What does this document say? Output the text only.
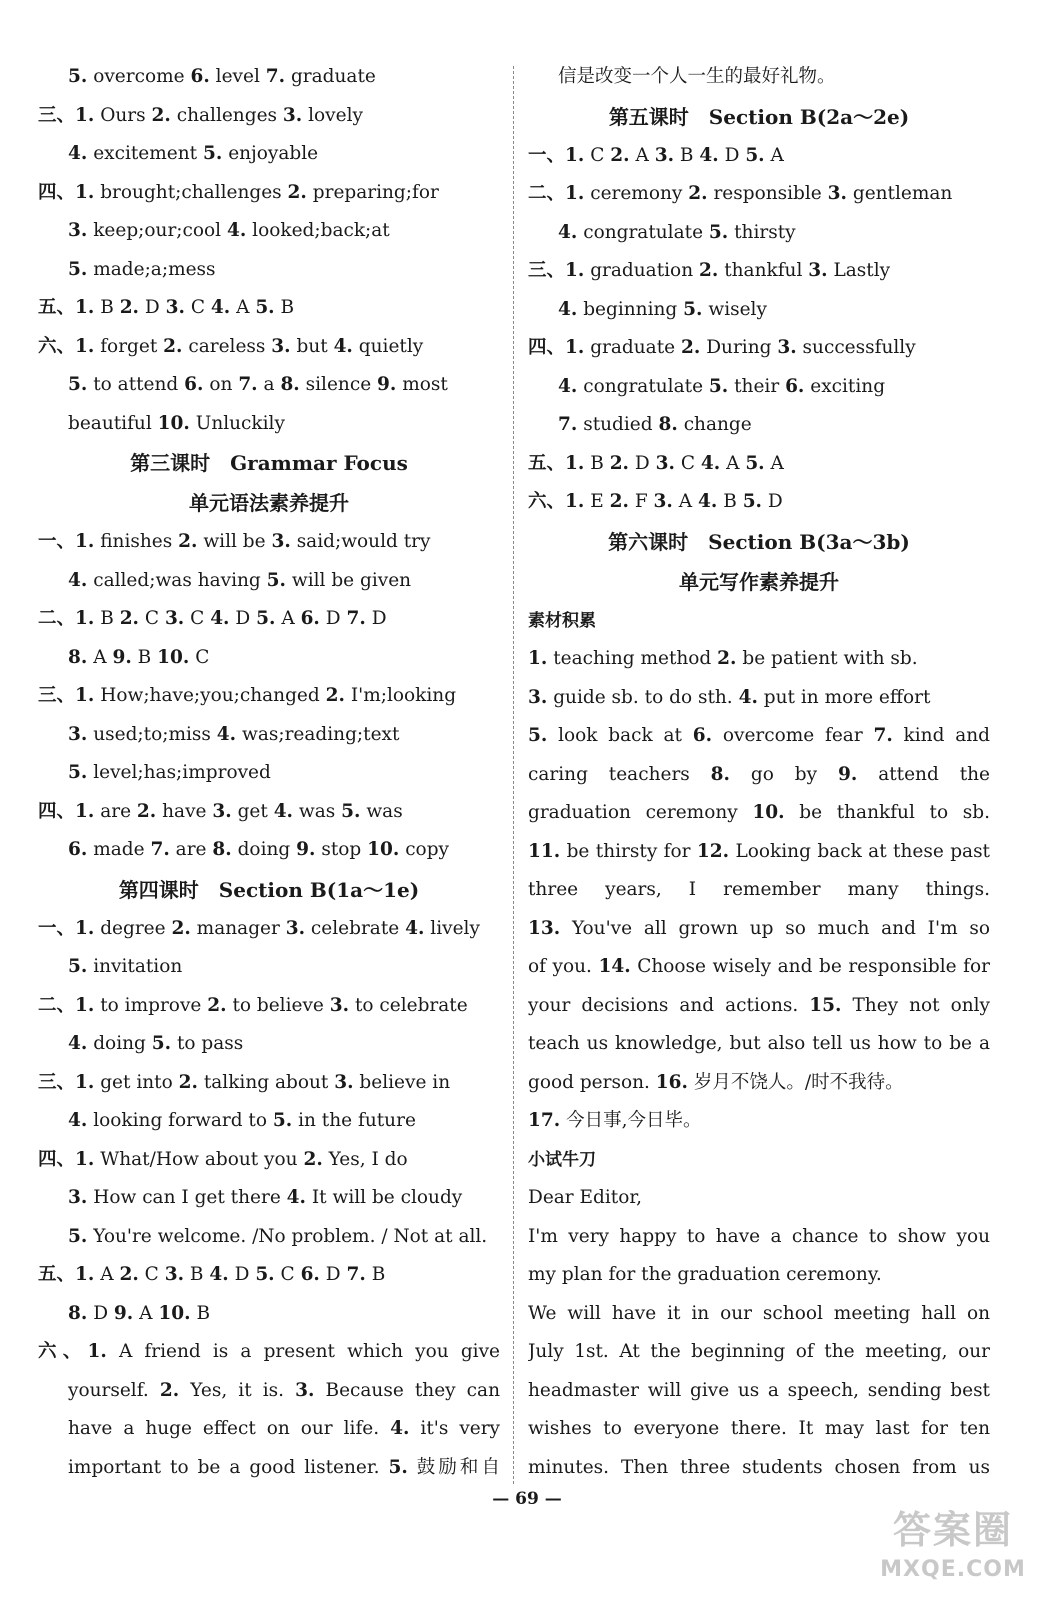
5. overcome 6. level 7. graduate
三、1. Ours 2. challenges 3. lovely
4. excitement 5. enjoyable
四、1. brought;challenges 2. preparing;for
3. keep;our;cool 4. looked;back;at
5. made;a;mess
五、1. B 2. D 3. C 4. A 5. B
六、1. forget 2. careless 3. but 4. quietly
5. to attend 6. on 7. a 8. silence 9. most
beautiful 10. Unluckily
第三课时　Grammar Focus
单元语法素养提升
一、1. finishes 2. will be 3. said;would try
4. called;was having 5. will be given
二、1. B 2. C 3. C 4. D 5. A 6. D 7. D
8. A 9. B 10. C
三、1. How;have;you;changed 2. I'm;looking
3. used;to;miss 4. was;reading;text
5. level;has;improved
四、1. are 2. have 3. get 4. was 5. was
6. made 7. are 8. doing 9. stop 10. copy
第四课时　Section B(1a～1e)
一、1. degree 2. manager 3. celebrate 4. lively
5. invitation
二、1. to improve 2. to believe 3. to celebrate
4. doing 5. to pass
三、1. get into 2. talking about 3. believe in
4. looking forward to 5. in the future
四、1. What/How about you 2. Yes, I do
3. How can I get there 4. It will be cloudy
5. You're welcome. /No problem. / Not at all.
五、1. A 2. C 3. B 4. D 5. C 6. D 7. B
8. D 9. A 10. B
六、1. A friend is a present which you give
yourself. 2. Yes, it is. 3. Because they can
have a huge effect on our life. 4. it's very
important to be a good listener. 5. 鼓励和自
信是改变一个人一生的最好礼物。
第五课时　Section B(2a～2e)
一、1. C 2. A 3. B 4. D 5. A
二、1. ceremony 2. responsible 3. gentleman
4. congratulate 5. thirsty
三、1. graduation 2. thankful 3. Lastly
4. beginning 5. wisely
四、1. graduate 2. During 3. successfully
4. congratulate 5. their 6. exciting
7. studied 8. change
五、1. B 2. D 3. C 4. A 5. A
六、1. E 2. F 3. A 4. B 5. D
第六课时　Section B(3a～3b)
单元写作素养提升
素材积累
1. teaching method 2. be patient with sb.
3. guide sb. to do sth. 4. put in more effort
5. look back at 6. overcome fear 7. kind and
caring teachers 8. go by 9. attend the
graduation ceremony 10. be thankful to sb.
11. be thirsty for 12. Looking back at these past
three years, I remember many things.
13. You've all grown up so much and I'm so
of you. 14. Choose wisely and be responsible for
your decisions and actions. 15. They not only
teach us knowledge, but also tell us how to be a
good person. 16. 岁月不饶人。/时不我待。
17. 今日事,今日毕。
小试牛刀
Dear Editor,
I'm very happy to have a chance to show you
my plan for the graduation ceremony.
We will have it in our school meeting hall on
July 1st. At the beginning of the meeting, our
headmaster will give us a speech, sending best
wishes to everyone there. It may last for ten
minutes. Then three students chosen from us
— 69 —
答案圈
MXQE.COM
